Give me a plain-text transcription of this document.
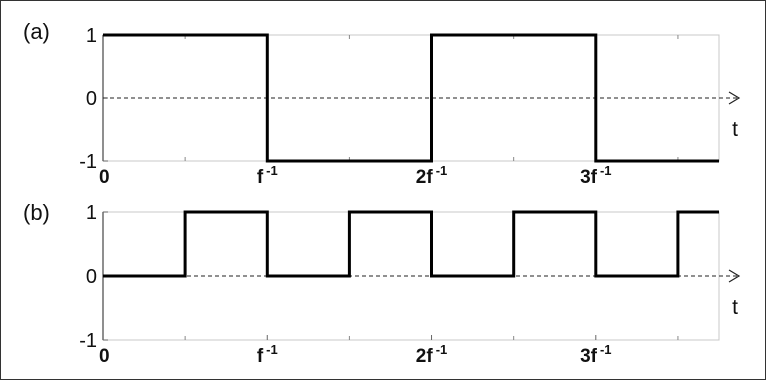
1
0
-1
0	f $^{-1}$	2f $^{-1}$	3f $^{-1}$
t
(a)
1
0
-1
0	f $^{-1}$	2f $^{-1}$	3f $^{-1}$
t
(b)
